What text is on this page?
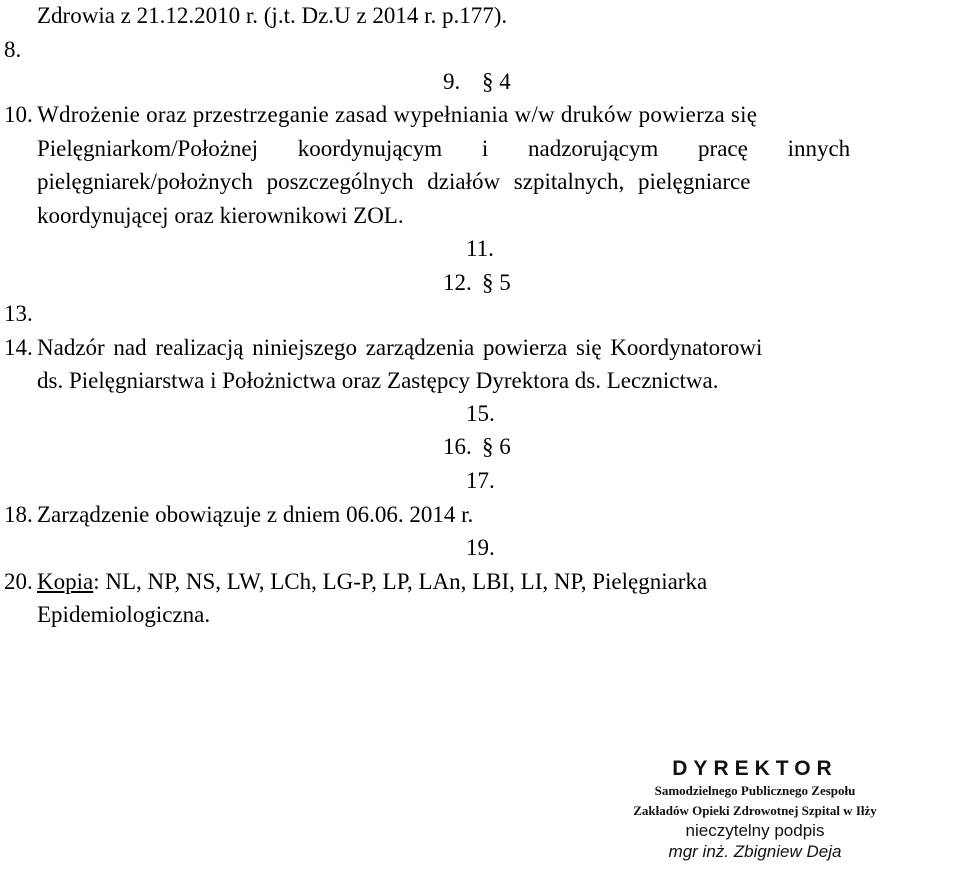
Zdrowia z 21.12.2010 r. (j.t. Dz.U z 2014 r. p.177).
8.
9. § 4
10. Wdrożenie oraz przestrzeganie zasad wypełniania w/w druków powierza się
Pielęgniarkom/Położnej koordynującym i nadzorującym pracę innych
pielęgniarek/położnych poszczególnych działów szpitalnych, pielęgniarce
koordynującej oraz kierownikowi ZOL.
11.
12. § 5
13.
14. Nadzór nad realizacją niniejszego zarządzenia powierza się Koordynatorowi
ds. Pielęgniarstwa i Położnictwa oraz Zastępcy Dyrektora ds. Lecznictwa.
15.
16. § 6
17.
18. Zarządzenie obowiązuje z dniem 06.06. 2014 r.
19.
20. Kopia: NL, NP, NS, LW, LCh, LG-P, LP, LAn, LBI, LI, NP, Pielęgniarka
Epidemiologiczna.
DYREKTOR
Samodzielnego Publicznego Zespołu
Zakładów Opieki Zdrowotnej Szpital w Iłży
nieczytelny podpis
mgr inż. Zbigniew Deja
